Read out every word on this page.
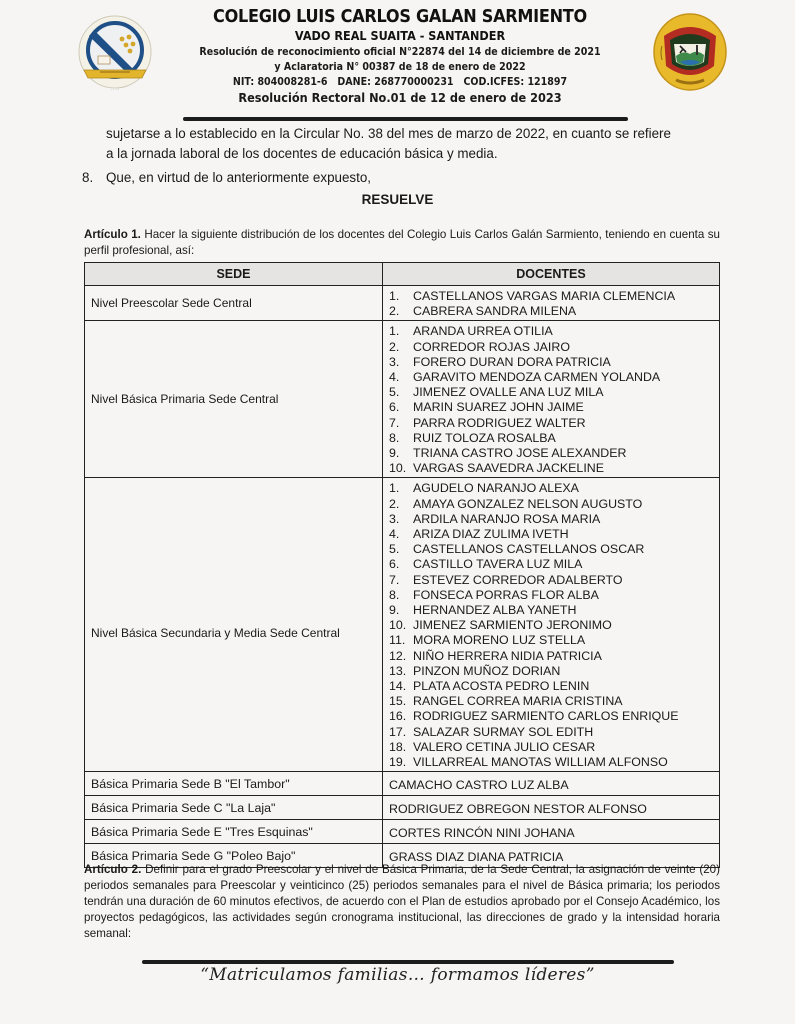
· · · ·
COLEGIO LUIS CARLOS GALAN SARMIENTO
VADO REAL SUAITA - SANTANDER
Resolución de reconocimiento oficial N°22874 del 14 de diciembre de 2021
y Aclaratoria N° 00387 de 18 de enero de 2022
NIT: 804008281-6   DANE: 268770000231   COD.ICFES: 121897
Resolución Rectoral No.01 de 12 de enero de 2023
sujetarse a lo establecido en la Circular No. 38 del mes de marzo de 2022, en cuanto se refiere
a la jornada laboral de los docentes de educación básica y media.
8. Que, en virtud de lo anteriormente expuesto,
RESUELVE
Artículo 1. Hacer la siguiente distribución de los docentes del Colegio Luis Carlos Galán Sarmiento, teniendo en cuenta su perfil profesional, así:
SEDE	DOCENTES
Nivel Preescolar Sede Central	
1. CASTELLANOS VARGAS MARIA CLEMENCIA
2. CABRERA SANDRA MILENA

Nivel Básica Primaria Sede Central	
1. ARANDA URREA OTILIA
2. CORREDOR ROJAS JAIRO
3. FORERO DURAN DORA PATRICIA
4. GARAVITO MENDOZA CARMEN YOLANDA
5. JIMENEZ OVALLE ANA LUZ MILA
6. MARIN SUAREZ JOHN JAIME
7. PARRA RODRIGUEZ WALTER
8. RUIZ TOLOZA ROSALBA
9. TRIANA CASTRO JOSE ALEXANDER
10. VARGAS SAAVEDRA JACKELINE

Nivel Básica Secundaria y Media Sede Central	
1. AGUDELO NARANJO ALEXA
2. AMAYA GONZALEZ NELSON AUGUSTO
3. ARDILA NARANJO ROSA MARIA
4. ARIZA DIAZ ZULIMA IVETH
5. CASTELLANOS CASTELLANOS OSCAR
6. CASTILLO TAVERA LUZ MILA
7. ESTEVEZ CORREDOR ADALBERTO
8. FONSECA PORRAS FLOR ALBA
9. HERNANDEZ ALBA YANETH
10. JIMENEZ SARMIENTO JERONIMO
11. MORA MORENO LUZ STELLA
12. NIÑO HERRERA NIDIA PATRICIA
13. PINZON MUÑOZ DORIAN
14. PLATA ACOSTA PEDRO LENIN
15. RANGEL CORREA MARIA CRISTINA
16. RODRIGUEZ SARMIENTO CARLOS ENRIQUE
17. SALAZAR SURMAY SOL EDITH
18. VALERO CETINA JULIO CESAR
19. VILLARREAL MANOTAS WILLIAM ALFONSO

Básica Primaria Sede B "El Tambor"	CAMACHO CASTRO LUZ ALBA
Básica Primaria Sede C "La Laja"	RODRIGUEZ OBREGON NESTOR ALFONSO
Básica Primaria Sede E "Tres Esquinas"	CORTES RINCÓN NINI JOHANA
Básica Primaria Sede G "Poleo Bajo"	GRASS DIAZ DIANA PATRICIA
Artículo 2. Definir para el grado Preescolar y el nivel de Básica Primaria, de la Sede Central, la asignación de veinte (20) periodos semanales para Preescolar y veinticinco (25) periodos semanales para el nivel de Básica primaria; los periodos tendrán una duración de 60 minutos efectivos, de acuerdo con el Plan de estudios aprobado por el Consejo Académico, los proyectos pedagógicos, las actividades según cronograma institucional, las direcciones de grado y la intensidad horaria semanal:
“Matriculamos familias… formamos líderes”
